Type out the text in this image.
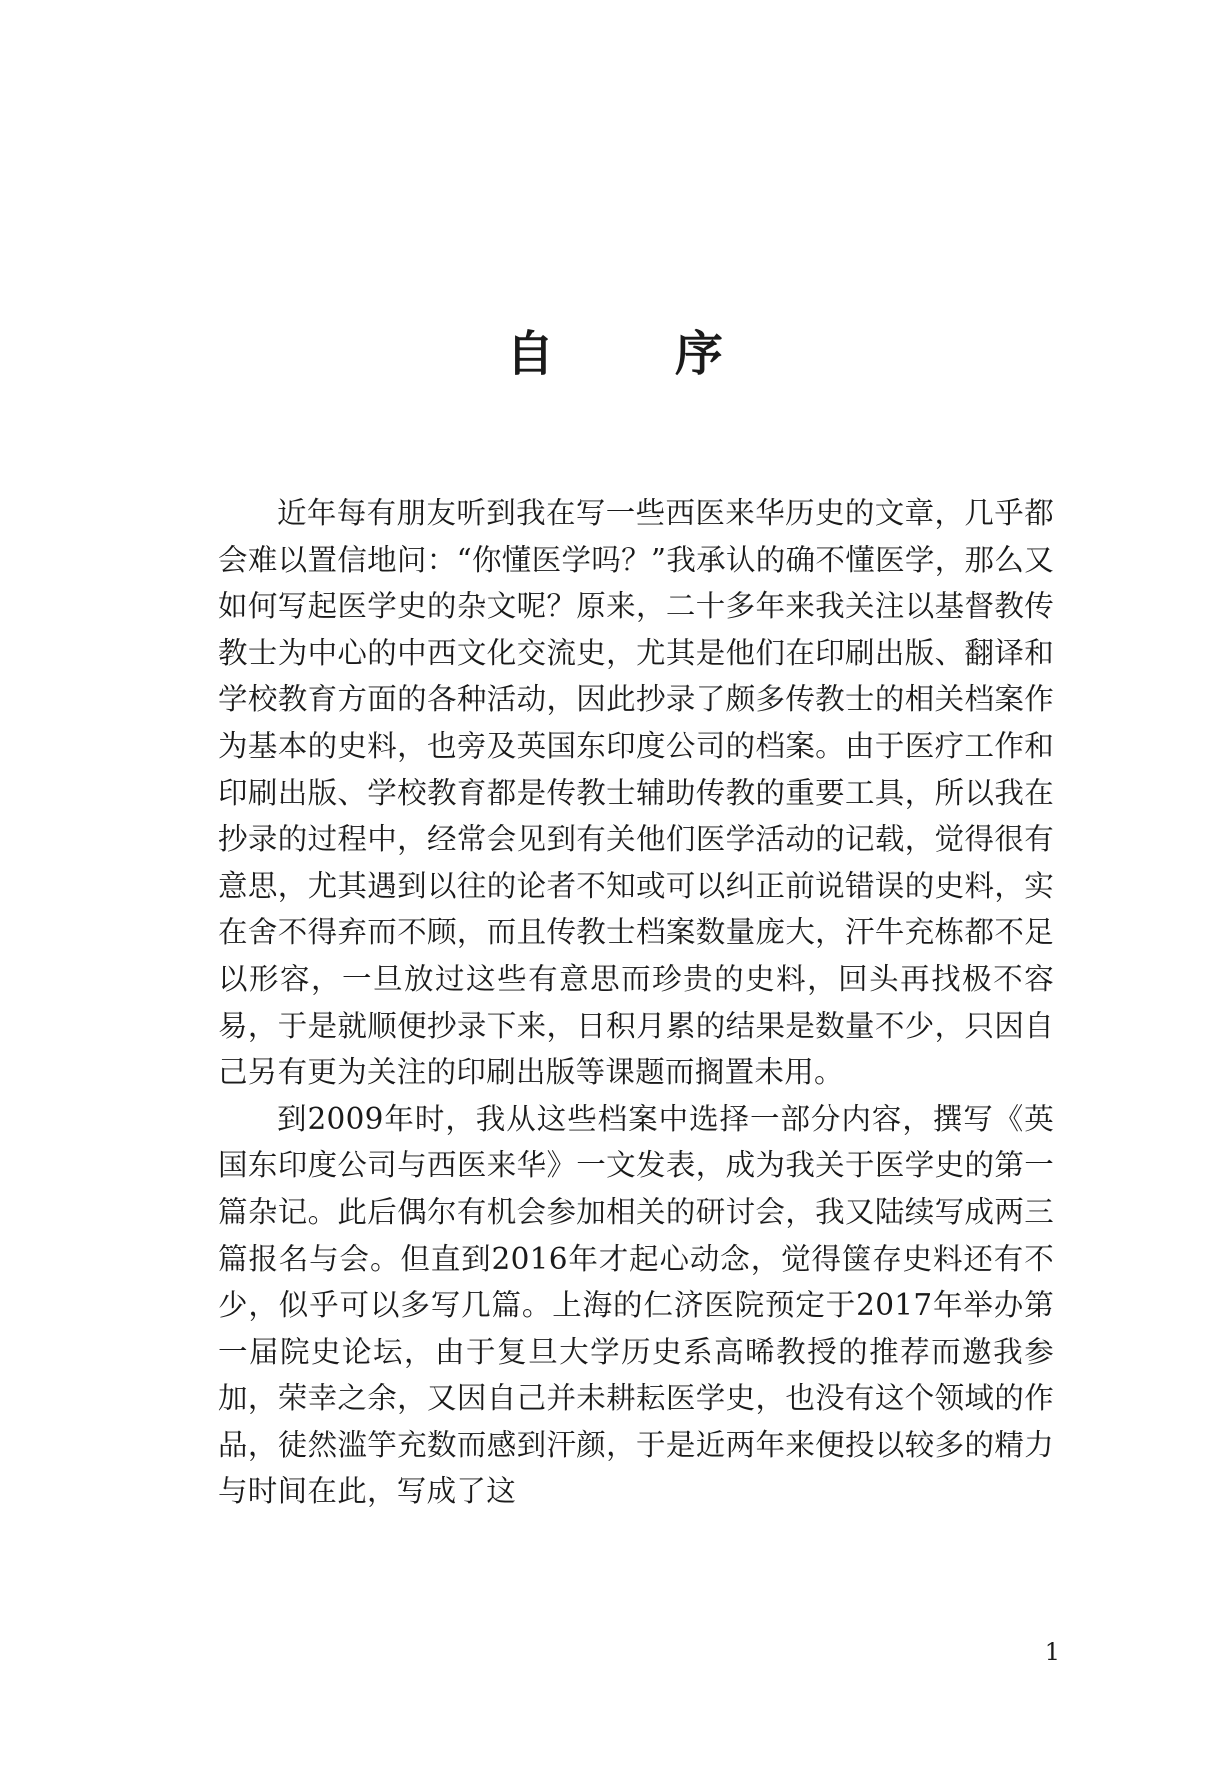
自 序

近年每有朋友听到我在写一些西医来华历史的文章，几乎都会难以置信地问：“你懂医学吗？”我承认的确不懂医学，那么又如何写起医学史的杂文呢？原来，二十多年来我关注以基督教传教士为中心的中西文化交流史，尤其是他们在印刷出版、翻译和学校教育方面的各种活动，因此抄录了颇多传教士的相关档案作为基本的史料，也旁及英国东印度公司的档案。由于医疗工作和印刷出版、学校教育都是传教士辅助传教的重要工具，所以我在抄录的过程中，经常会见到有关他们医学活动的记载，觉得很有意思，尤其遇到以往的论者不知或可以纠正前说错误的史料，实在舍不得弃而不顾，而且传教士档案数量庞大，汗牛充栋都不足以形容，一旦放过这些有意思而珍贵的史料，回头再找极不容易，于是就顺便抄录下来，日积月累的结果是数量不少，只因自己另有更为关注的印刷出版等课题而搁置未用。

到2009年时，我从这些档案中选择一部分内容，撰写《英国东印度公司与西医来华》一文发表，成为我关于医学史的第一篇杂记。此后偶尔有机会参加相关的研讨会，我又陆续写成两三篇报名与会。但直到2016年才起心动念，觉得箧存史料还有不少，似乎可以多写几篇。上海的仁济医院预定于2017年举办第一届院史论坛，由于复旦大学历史系高晞教授的推荐而邀我参加，荣幸之余，又因自己并未耕耘医学史，也没有这个领域的作品，徒然滥竽充数而感到汗颜，于是近两年来便投以较多的精力与时间在此，写成了这

1
